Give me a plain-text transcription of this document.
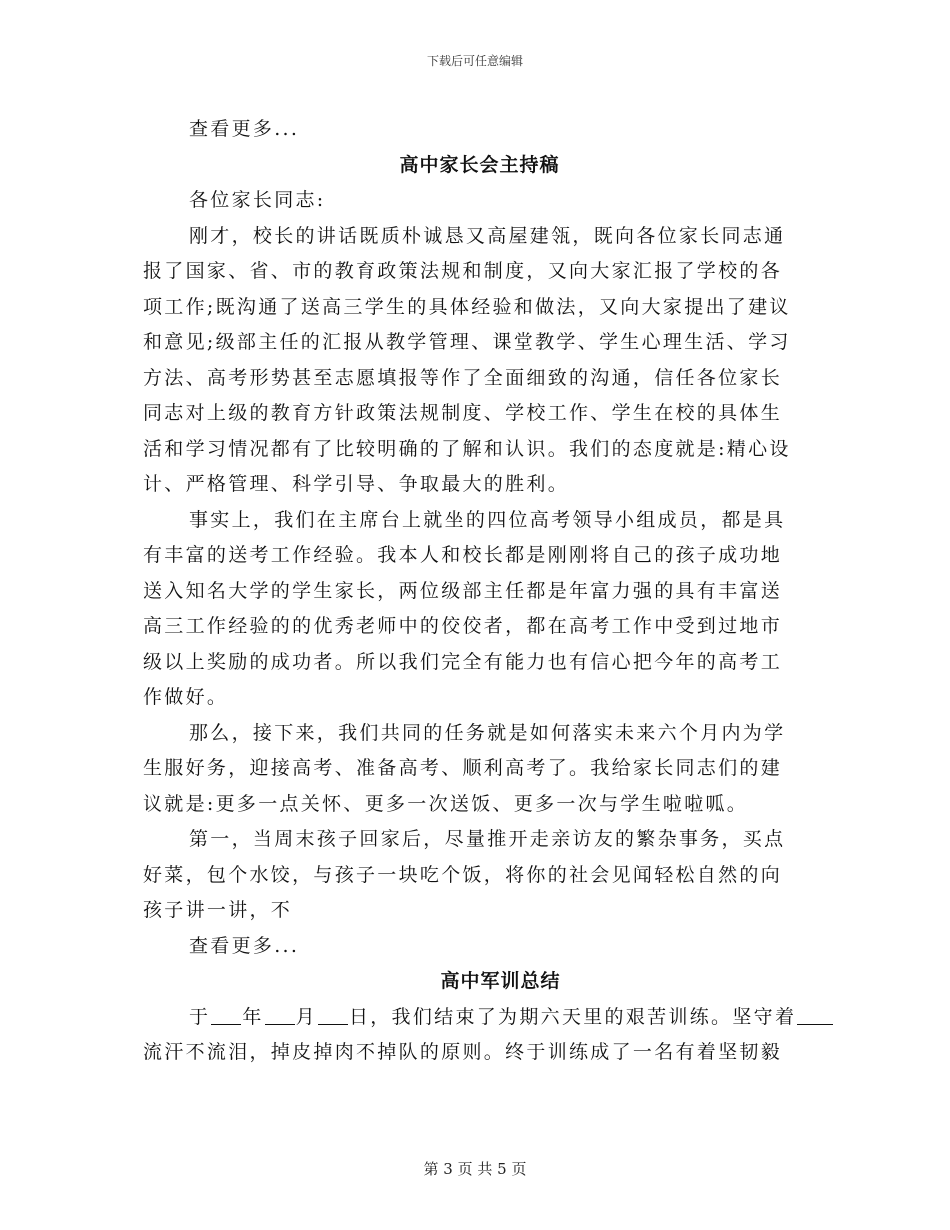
下载后可任意编辑
查看更多...
高中家长会主持稿
各位家长同志:
刚才，校长的讲话既质朴诚恳又高屋建瓴，既向各位家长同志通
报了国家、省、市的教育政策法规和制度，又向大家汇报了学校的各
项工作;既沟通了送高三学生的具体经验和做法，又向大家提出了建议
和意见;级部主任的汇报从教学管理、课堂教学、学生心理生活、学习
方法、高考形势甚至志愿填报等作了全面细致的沟通，信任各位家长
同志对上级的教育方针政策法规制度、学校工作、学生在校的具体生
活和学习情况都有了比较明确的了解和认识。我们的态度就是:精心设
计、严格管理、科学引导、争取最大的胜利。
事实上，我们在主席台上就坐的四位高考领导小组成员，都是具
有丰富的送考工作经验。我本人和校长都是刚刚将自己的孩子成功地
送入知名大学的学生家长，两位级部主任都是年富力强的具有丰富送
高三工作经验的的优秀老师中的佼佼者，都在高考工作中受到过地市
级以上奖励的成功者。所以我们完全有能力也有信心把今年的高考工
作做好。
那么，接下来，我们共同的任务就是如何落实未来六个月内为学
生服好务，迎接高考、准备高考、顺利高考了。我给家长同志们的建
议就是:更多一点关怀、更多一次送饭、更多一次与学生啦啦呱。
第一，当周末孩子回家后，尽量推开走亲访友的繁杂事务，买点
好菜，包个水饺，与孩子一块吃个饭，将你的社会见闻轻松自然的向
孩子讲一讲，不
查看更多...
高中军训总结
于 年 月 日，我们结束了为期六天里的艰苦训练。坚守着
流汗不流泪，掉皮掉肉不掉队的原则。终于训练成了一名有着坚韧毅
第 3 页 共 5 页
